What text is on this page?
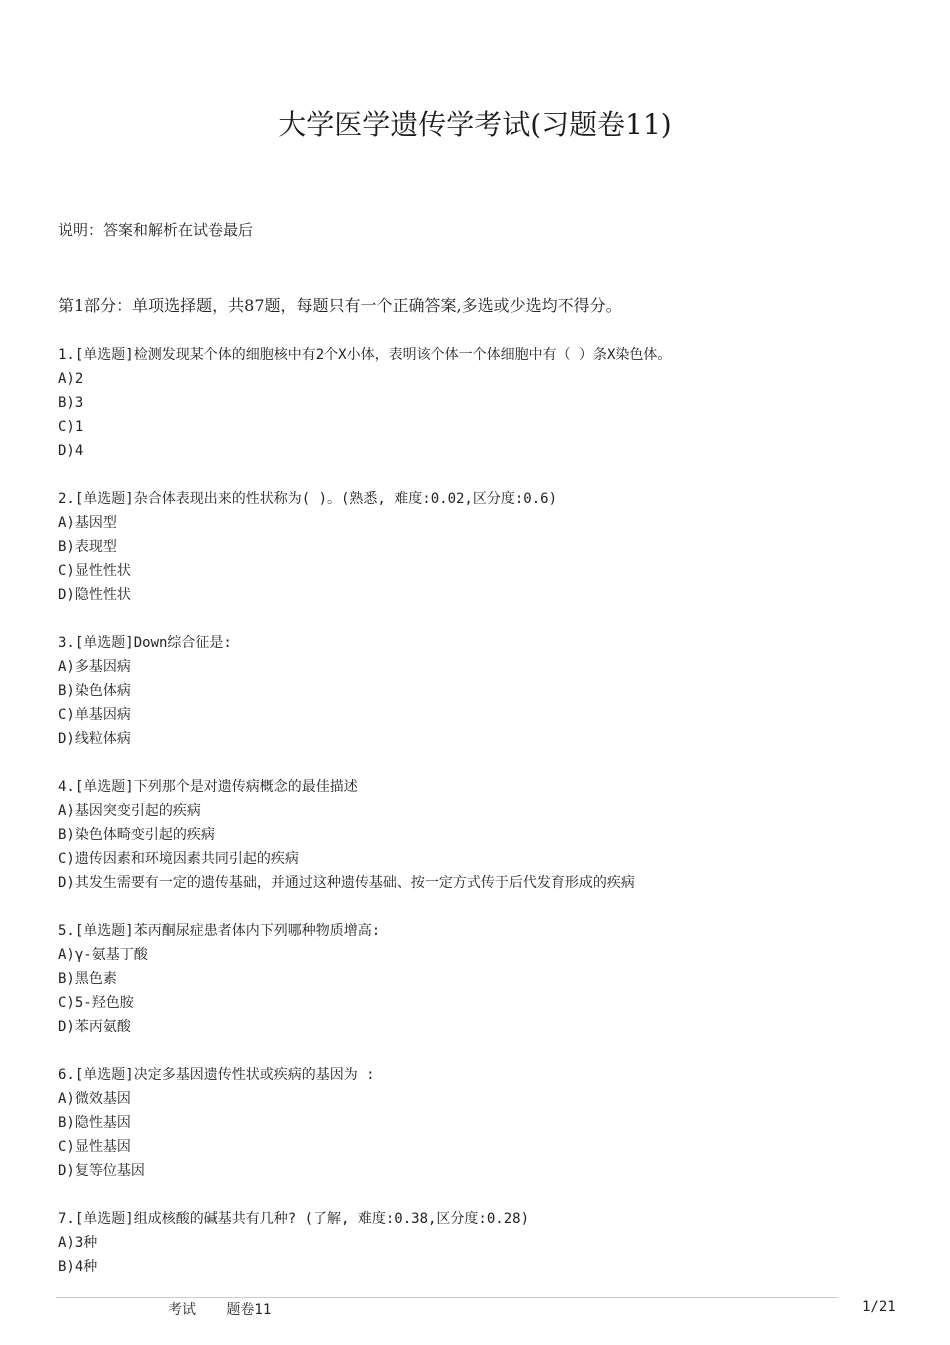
大学医学遗传学考试(习题卷11)
说明：答案和解析在试卷最后
第1部分：单项选择题，共87题，每题只有一个正确答案,多选或少选均不得分。
1.[单选题]检测发现某个体的细胞核中有2个X小体，表明该个体一个体细胞中有（ ）条X染色体。
A)2
B)3
C)1
D)4
2.[单选题]杂合体表现出来的性状称为( )。(熟悉, 难度:0.02,区分度:0.6)
A)基因型
B)表现型
C)显性性状
D)隐性性状
3.[单选题]Down综合征是:
A)多基因病
B)染色体病
C)单基因病
D)线粒体病
4.[单选题]下列那个是对遗传病概念的最佳描述
A)基因突变引起的疾病
B)染色体畸变引起的疾病
C)遗传因素和环境因素共同引起的疾病
D)其发生需要有一定的遗传基础，并通过这种遗传基础、按一定方式传于后代发育形成的疾病
5.[单选题]苯丙酮尿症患者体内下列哪种物质增高:
A)γ-氨基丁酸
B)黑色素
C)5-羟色胺
D)苯丙氨酸
6.[单选题]决定多基因遗传性状或疾病的基因为 :
A)微效基因
B)隐性基因
C)显性基因
D)复等位基因
7.[单选题]组成核酸的碱基共有几种? (了解, 难度:0.38,区分度:0.28)
A)3种
B)4种
考试 题卷11	1/21
